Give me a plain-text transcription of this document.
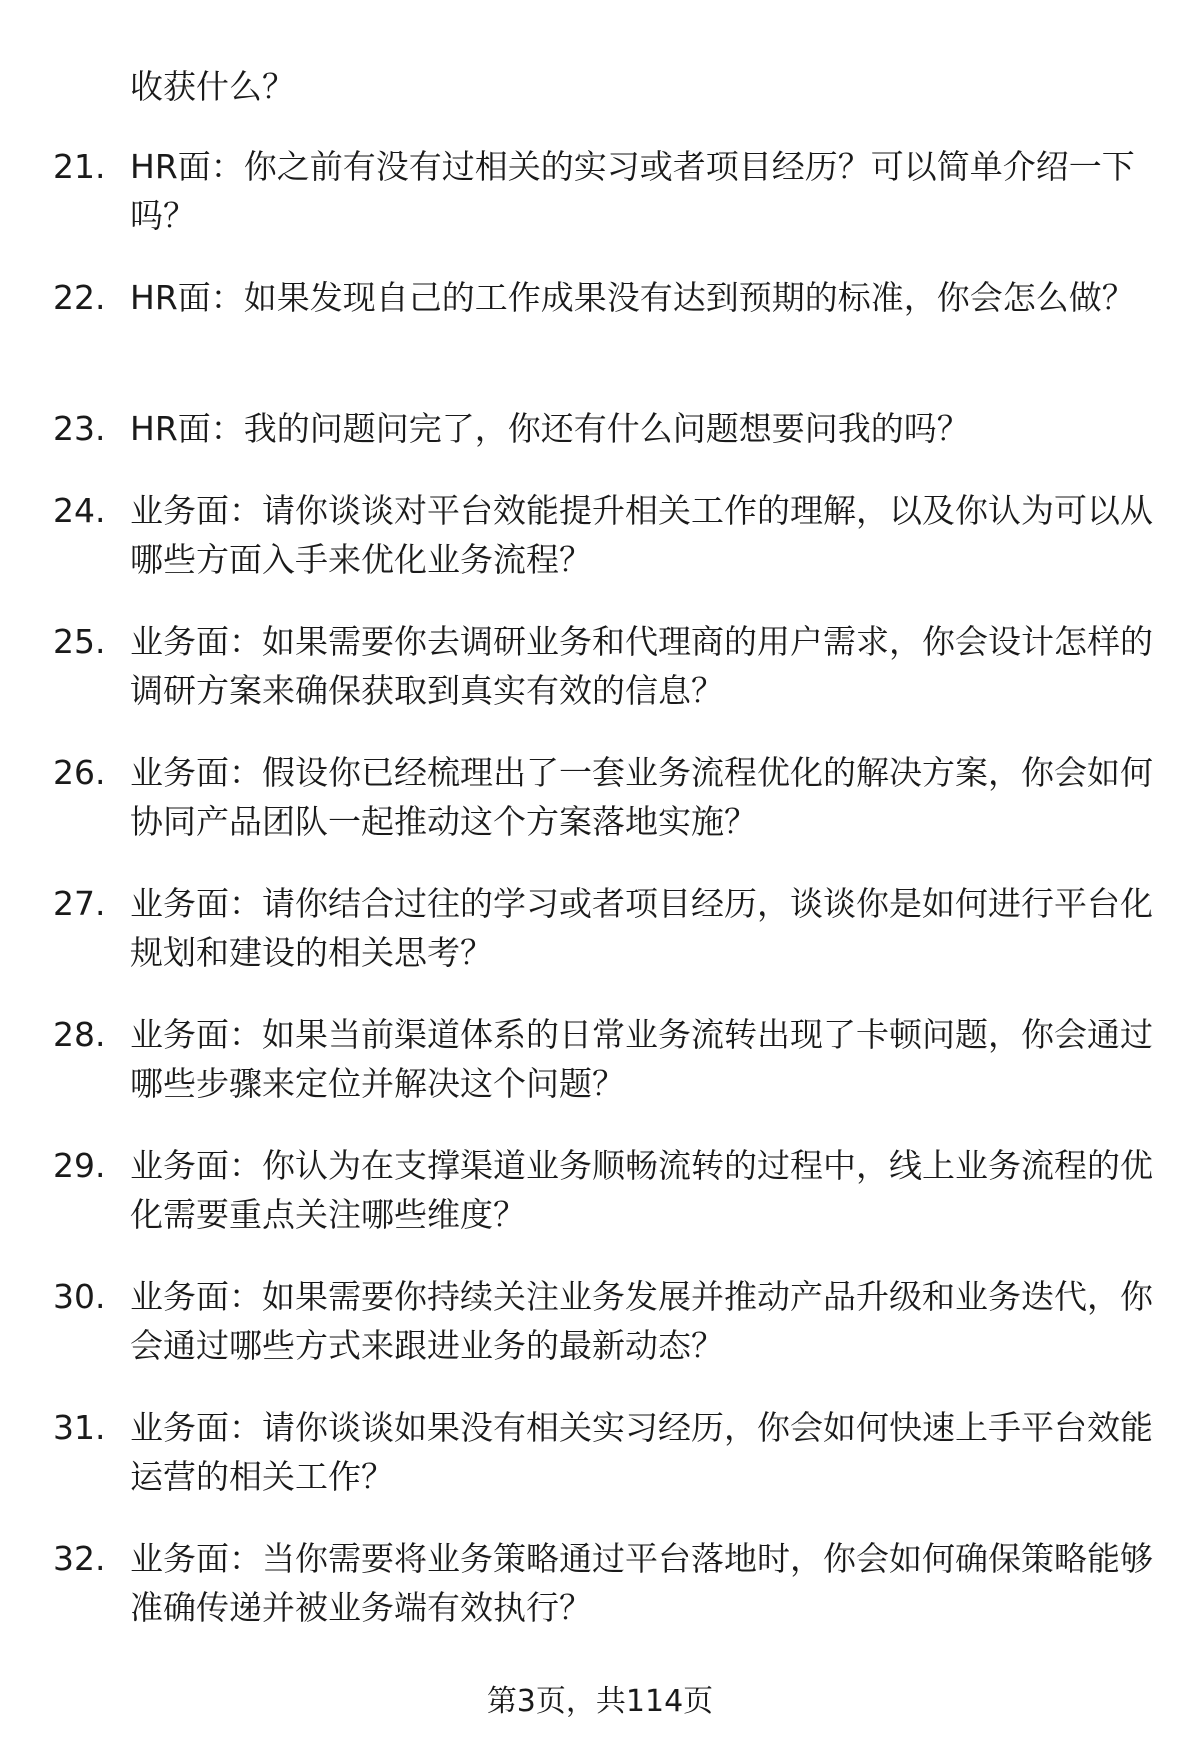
收获什么？

21. HR面：你之前有没有过相关的实习或者项目经历？可以简单介绍一下吗？

22. HR面：如果发现自己的工作成果没有达到预期的标准，你会怎么做？

23. HR面：我的问题问完了，你还有什么问题想要问我的吗？

24. 业务面：请你谈谈对平台效能提升相关工作的理解，以及你认为可以从哪些方面入手来优化业务流程？

25. 业务面：如果需要你去调研业务和代理商的用户需求，你会设计怎样的调研方案来确保获取到真实有效的信息？

26. 业务面：假设你已经梳理出了一套业务流程优化的解决方案，你会如何协同产品团队一起推动这个方案落地实施？

27. 业务面：请你结合过往的学习或者项目经历，谈谈你是如何进行平台化规划和建设的相关思考？

28. 业务面：如果当前渠道体系的日常业务流转出现了卡顿问题，你会通过哪些步骤来定位并解决这个问题？

29. 业务面：你认为在支撑渠道业务顺畅流转的过程中，线上业务流程的优化需要重点关注哪些维度？

30. 业务面：如果需要你持续关注业务发展并推动产品升级和业务迭代，你会通过哪些方式来跟进业务的最新动态？

31. 业务面：请你谈谈如果没有相关实习经历，你会如何快速上手平台效能运营的相关工作？

32. 业务面：当你需要将业务策略通过平台落地时，你会如何确保策略能够准确传递并被业务端有效执行？

第3页，共114页
